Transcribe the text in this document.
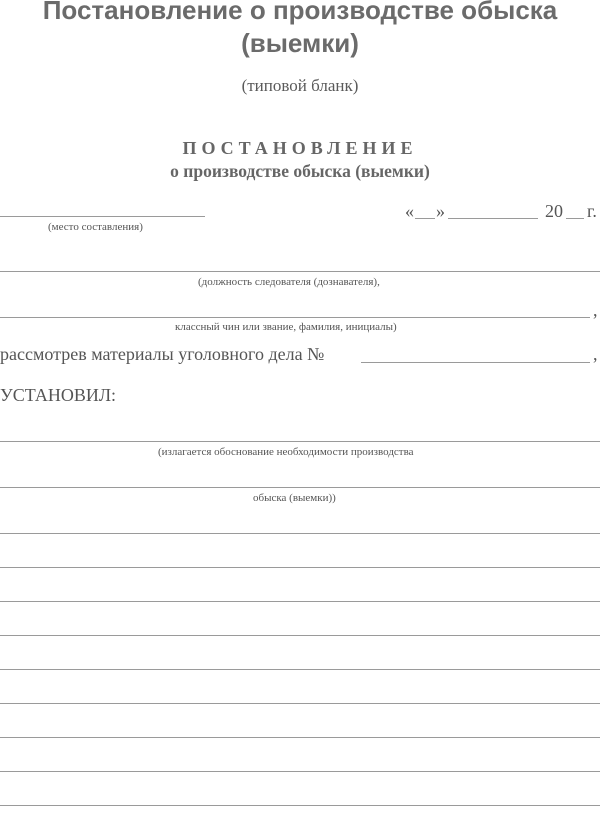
Постановление о производстве обыска (выемки)
(типовой бланк)
ПОСТАНОВЛЕНИЕ
о производстве обыска (выемки)
(место составления)
« »	20 г.
(должность следователя (дознавателя),
,
классный чин или звание, фамилия, инициалы)
рассмотрев материалы уголовного дела №	,
УСТАНОВИЛ:
(излагается обоснование необходимости производства
обыска (выемки))
